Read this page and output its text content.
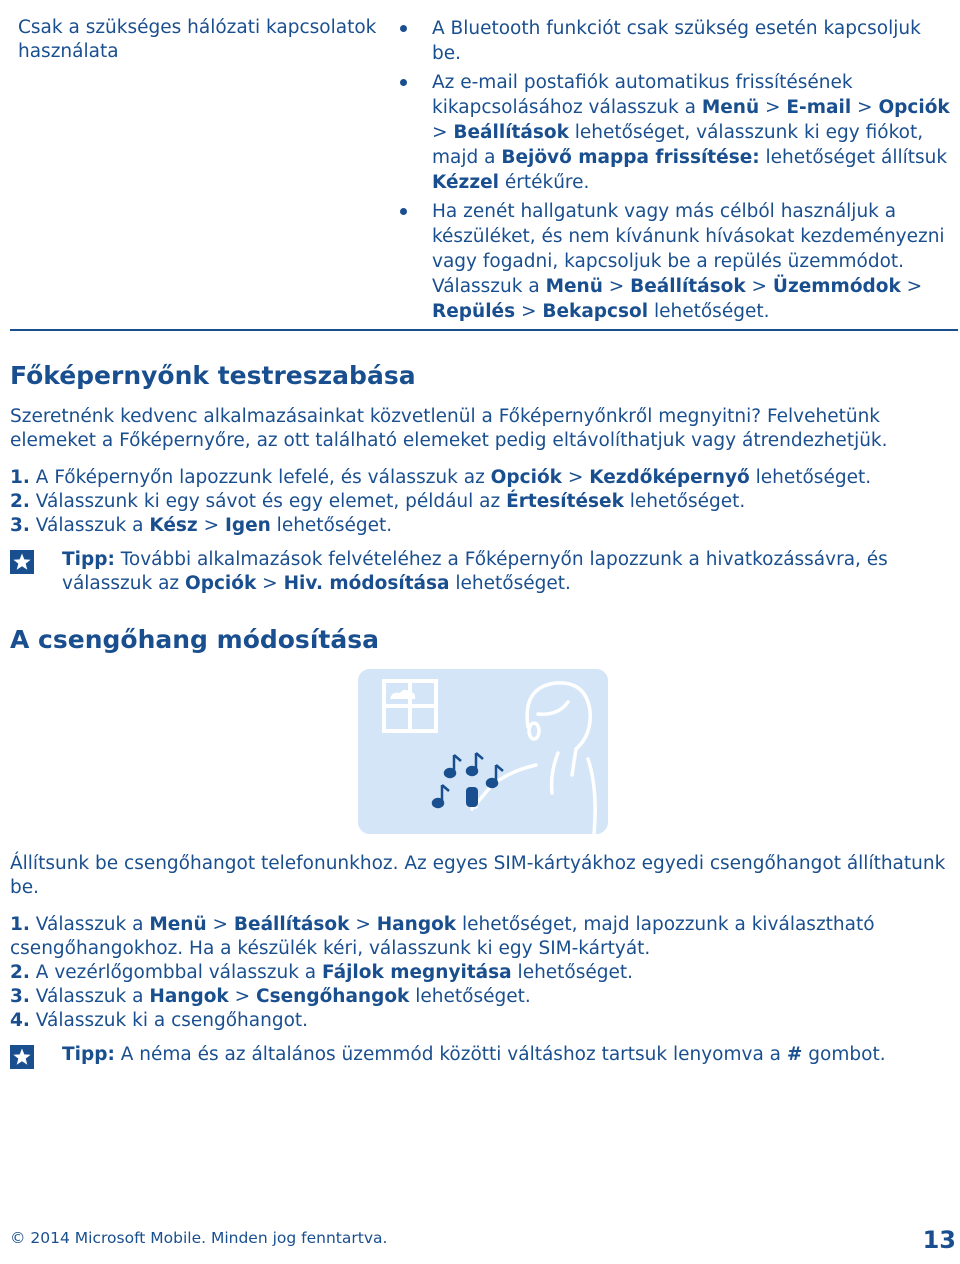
Csak a szükséges hálózati kapcsolatok használata
A Bluetooth funkciót csak szükség esetén kapcsoljuk be.
Az e-mail postafiók automatikus frissítésének kikapcsolásához válasszuk a Menü > E-mail > Opciók > Beállítások lehetőséget, válasszunk ki egy fiókot, majd a Bejövő mappa frissítése: lehetőséget állítsuk Kézzel értékűre.
Ha zenét hallgatunk vagy más célból használjuk a készüléket, és nem kívánunk hívásokat kezdeményezni vagy fogadni, kapcsoljuk be a repülés üzemmódot. Válasszuk a Menü > Beállítások > Üzemmódok > Repülés > Bekapcsol lehetőséget.
Főképernyőnk testreszabása
Szeretnénk kedvenc alkalmazásainkat közvetlenül a Főképernyőnkről megnyitni? Felvehetünk elemeket a Főképernyőre, az ott található elemeket pedig eltávolíthatjuk vagy átrendezhetjük.
1. A Főképernyőn lapozzunk lefelé, és válasszuk az Opciók > Kezdőképernyő lehetőséget.
2. Válasszunk ki egy sávot és egy elemet, például az Értesítések lehetőséget.
3. Válasszuk a Kész > Igen lehetőséget.
Tipp: További alkalmazások felvételéhez a Főképernyőn lapozzunk a hivatkozássávra, és válasszuk az Opciók > Hiv. módosítása lehetőséget.
A csengőhang módosítása
Állítsunk be csengőhangot telefonunkhoz. Az egyes SIM-kártyákhoz egyedi csengőhangot állíthatunk be.
1. Válasszuk a Menü > Beállítások > Hangok lehetőséget, majd lapozzunk a kiválasztható csengőhangokhoz. Ha a készülék kéri, válasszunk ki egy SIM-kártyát.
2. A vezérlőgombbal válasszuk a Fájlok megnyitása lehetőséget.
3. Válasszuk a Hangok > Csengőhangok lehetőséget.
4. Válasszuk ki a csengőhangot.
Tipp: A néma és az általános üzemmód közötti váltáshoz tartsuk lenyomva a # gombot.
© 2014 Microsoft Mobile. Minden jog fenntartva.	13
